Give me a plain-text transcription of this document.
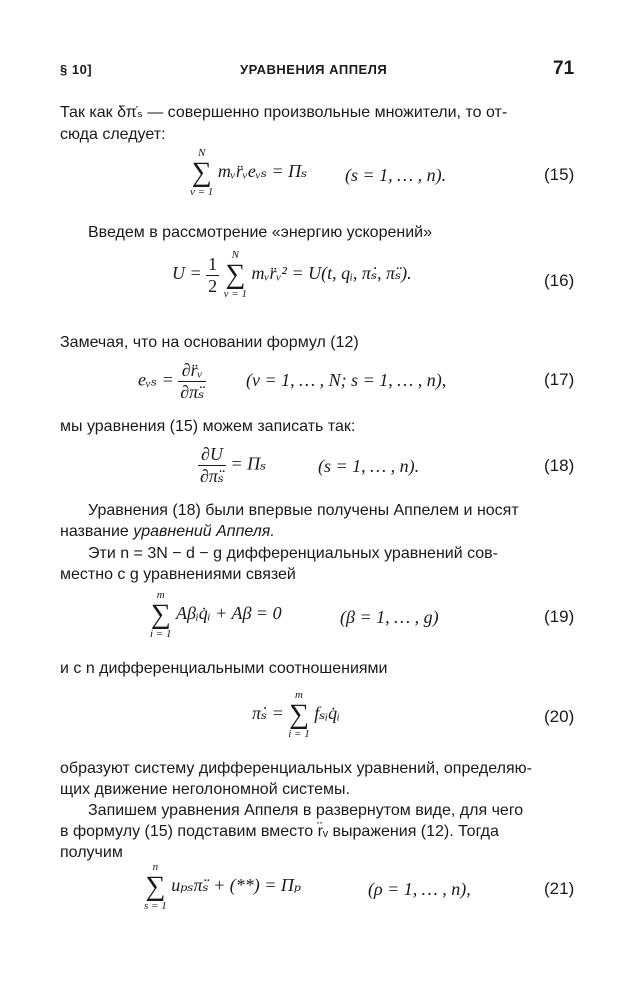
§ 10]	УРАВНЕНИЯ АППЕЛЯ	71
Так как δπ̇ₛ — совершенно произвольные множители, то от-
сюда следует:
N
∑
ν = 1
mᵥr̈ᵥeᵥₛ = Πₛ (s = 1, … , n).	(15)
Введем в рассмотрение «энергию ускорений»
$U = \frac{1}{2}$
	N
∑
ν = 1
mᵥr̈ᵥ² = U(t, qᵢ, π̇ₛ, π̈ₛ).	(16)
Замечая, что на основании формул (12)
eᵥₛ = $\frac{\text{∂r̈ᵥ}}{\text{∂π̈ₛ}} (\nu = 1$, … , N; s = 1, … , n),	(17)
мы уравнения (15) можем записать так:
$\frac{\partial U}{\text{∂π̈ₛ}} = \Pi_s$	(s = 1, … , n).	(18)
Уравнения (18) были впервые получены Аппелем и носят
название уравнений Аппеля.
Эти n = 3N − d − g дифференциальных уравнений сов-
местно с g уравнениями связей
m
∑
i = 1
Aβᵢq̇ᵢ + Aβ = 0	(β = 1, … , g)	(19)
и с n дифференциальными соотношениями
π̇ₛ =
m
∑
i = 1
fₛᵢq̇ᵢ	(20)
образуют систему дифференциальных уравнений, определяю-
щих движение неголономной системы.
Запишем уравнения Аппеля в развернутом виде, для чего
в формулу (15) подставим вместо r̈ᵥ выражения (12). Тогда
получим
n
∑
s = 1
uₚₛπ̈ₛ + (**) = Πₚ	(ρ = 1, … , n),	(21)
